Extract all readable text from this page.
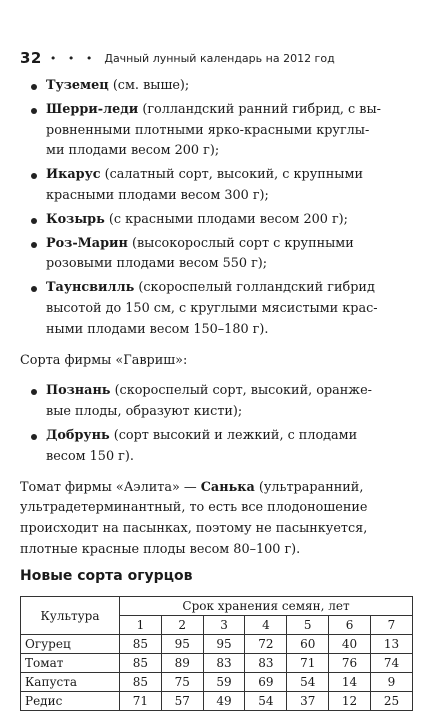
32 • • • Дачный лунный календарь на 2012 год
Туземец (см. выше);
Шерри-леди (голландский ранний гибрид, с вы-
ровненными плотными ярко-красными круглы-
ми плодами весом 200 г);
Икарус (салатный сорт, высокий, с крупными
красными плодами весом 300 г);
Козырь (с красными плодами весом 200 г);
Роз-Марин (высокорослый сорт с крупными
розовыми плодами весом 550 г);
Таунсвилль (скороспелый голландский гибрид
высотой до 150 см, с круглыми мясистыми крас-
ными плодами весом 150–180 г).

Сорта фирмы «Гавриш»:

Познань (скороспелый сорт, высокий, оранже-
вые плоды, образуют кисти);
Добрунь (сорт высокий и лежкий, с плодами
весом 150 г).

Томат фирмы «Аэлита» — Санька (ультраранний,
ультрадетерминантный, то есть все плодоношение
происходит на пасынках, поэтому не пасынкуется,
плотные красные плоды весом 80–100 г).

Новые сорта огурцов
Культура	Срок хранения семян, лет						
	1	2	3	4	5	6	7
Огурец	85	95	95	72	60	40	13
Томат	85	89	83	83	71	76	74
Капуста	85	75	59	69	54	14	9
Редис	71	57	49	54	37	12	25
